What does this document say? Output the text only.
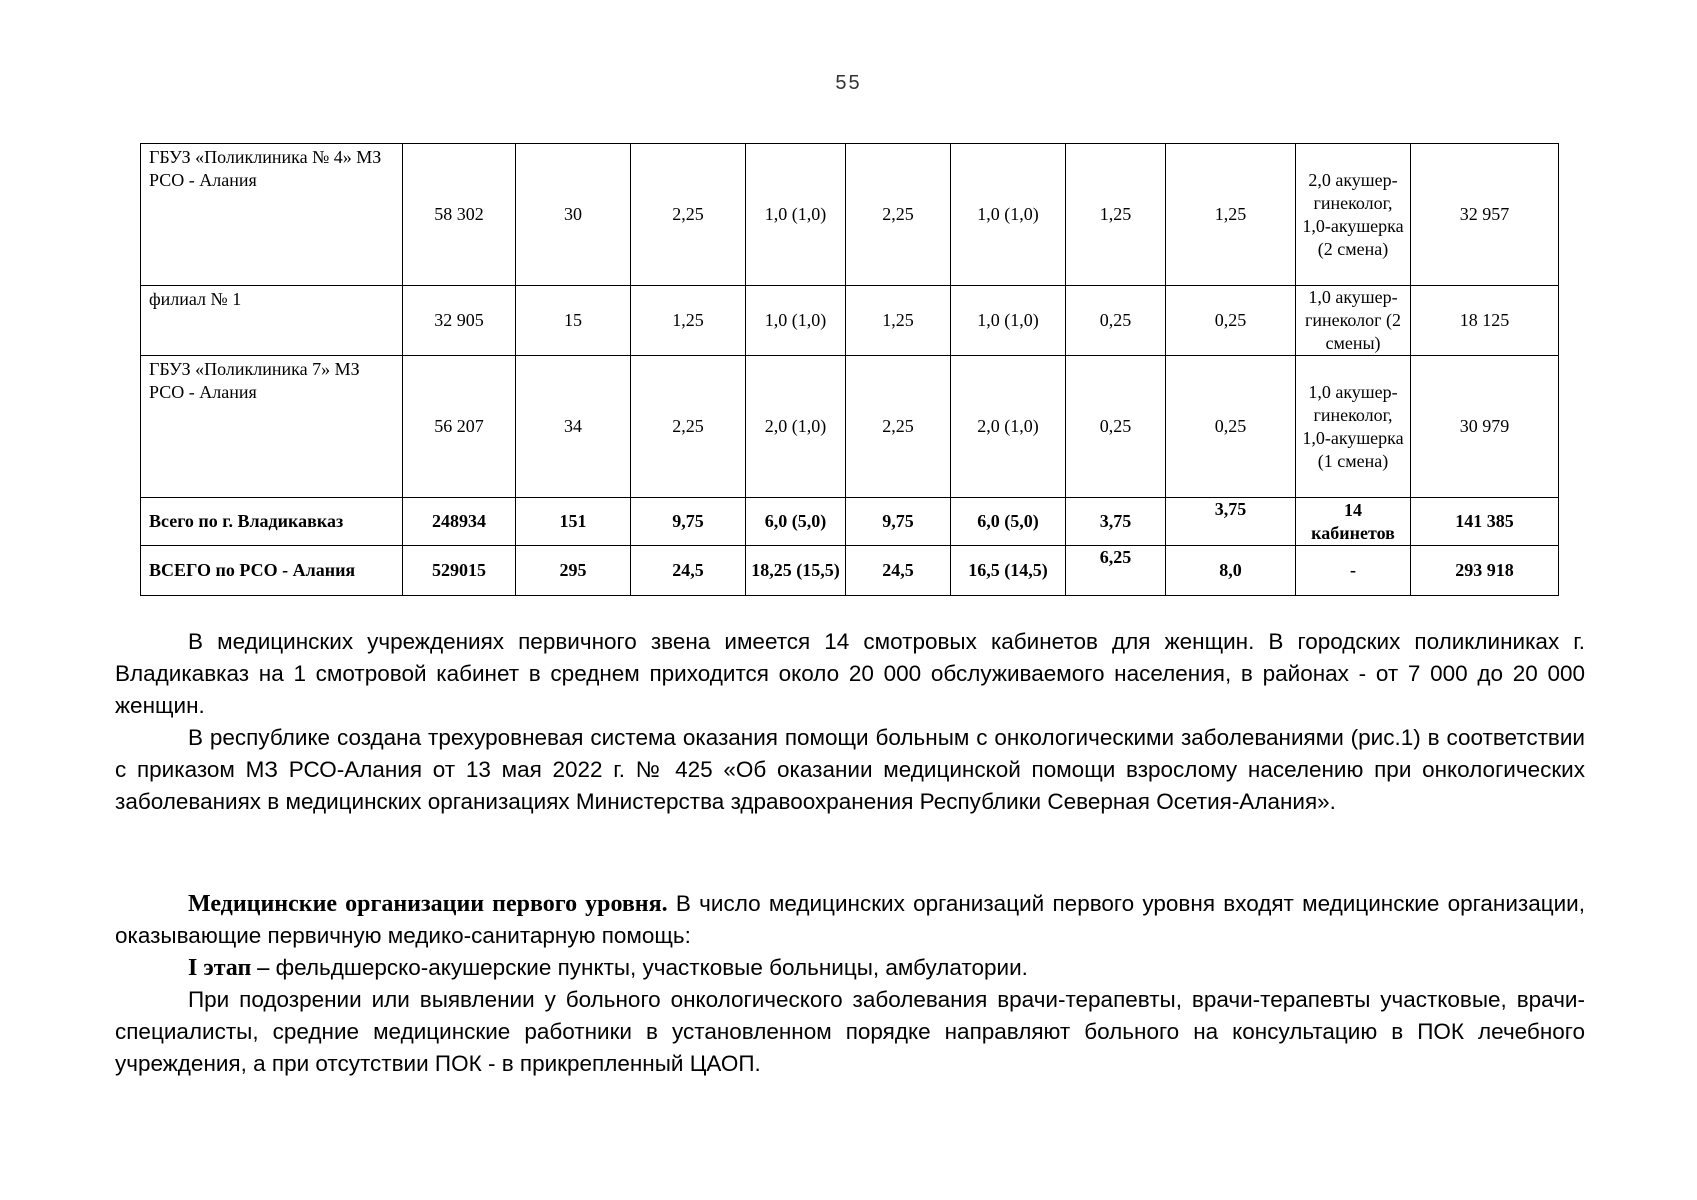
55
ГБУЗ «Поликлиника № 4» МЗ РСО - Алания	58 302	30	2,25	1,0 (1,0)	2,25	1,0 (1,0)	1,25	1,25	2,0 акушер-гинеколог, 1,0-акушерка (2 смена)	32 957
филиал № 1	32 905	15	1,25	1,0 (1,0)	1,25	1,0 (1,0)	0,25	0,25	1,0 акушер-гинеколог (2 смены)	18 125
ГБУЗ «Поликлиника 7» МЗ РСО - Алания	56 207	34	2,25	2,0 (1,0)	2,25	2,0 (1,0)	0,25	0,25	1,0 акушер-гинеколог, 1,0-акушерка (1 смена)	30 979
Всего по г. Владикавказ	248934	151	9,75	6,0 (5,0)	9,75	6,0 (5,0)	3,75	3,75	14 кабинетов	141 385
ВСЕГО по РСО - Алания	529015	295	24,5	18,25 (15,5)	24,5	16,5 (14,5)	6,25	8,0	-	293 918

В медицинских учреждениях первичного звена имеется 14 смотровых кабинетов для женщин. В городских поликлиниках г. Владикавказ на 1 смотровой кабинет в среднем приходится около 20 000 обслуживаемого населения, в районах - от 7 000 до 20 000 женщин.

В республике создана трехуровневая система оказания помощи больным с онкологическими заболеваниями (рис.1) в соответствии с приказом МЗ РСО-Алания от 13 мая 2022 г. № 425 «Об оказании медицинской помощи взрослому населению при онкологических заболеваниях в медицинских организациях Министерства здравоохранения Республики Северная Осетия-Алания».

Медицинские организации первого уровня. В число медицинских организаций первого уровня входят медицинские организации, оказывающие первичную медико-санитарную помощь:

I этап – фельдшерско-акушерские пункты, участковые больницы, амбулатории.

При подозрении или выявлении у больного онкологического заболевания врачи-терапевты, врачи-терапевты участковые, врачи-специалисты, средние медицинские работники в установленном порядке направляют больного на консультацию в ПОК лечебного учреждения, а при отсутствии ПОК - в прикрепленный ЦАОП.
